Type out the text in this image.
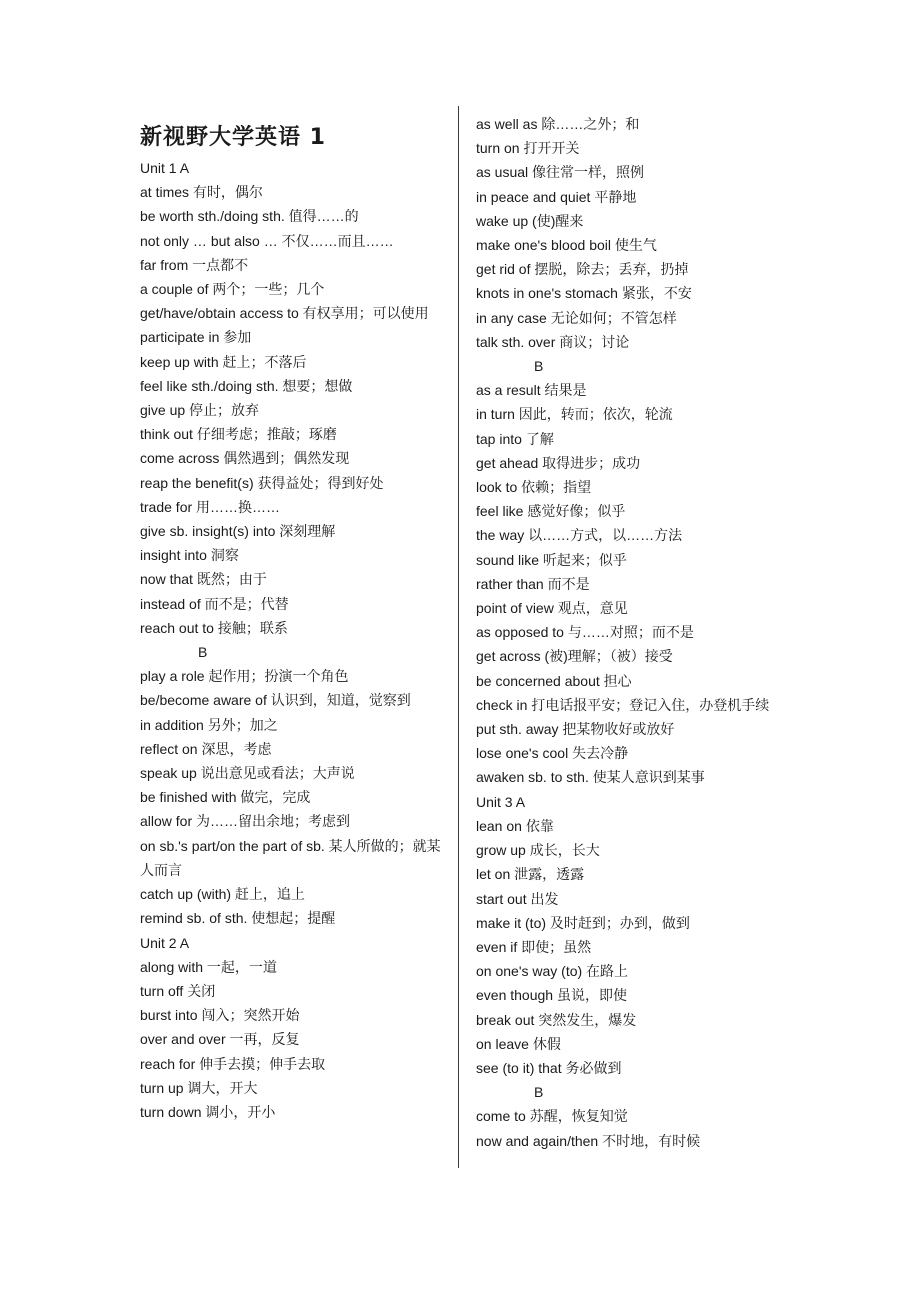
新视野大学英语 1
Unit 1 A
at times 有时，偶尔
be worth sth./doing sth. 值得……的
not only … but also … 不仅……而且……
far from 一点都不
a couple of 两个；一些；几个
get/have/obtain access to 有权享用；可以使用
participate in 参加
keep up with 赶上；不落后
feel like sth./doing sth. 想要；想做
give up 停止；放弃
think out 仔细考虑；推敲；琢磨
come across 偶然遇到；偶然发现
reap the benefit(s) 获得益处；得到好处
trade for 用……换……
give sb. insight(s) into 深刻理解
insight into 洞察
now that 既然；由于
instead of 而不是；代替
reach out to 接触；联系
B
play a role 起作用；扮演一个角色
be/become aware of 认识到，知道，觉察到
in addition 另外；加之
reflect on 深思，考虑
speak up 说出意见或看法；大声说
be finished with 做完，完成
allow for 为……留出余地；考虑到
on sb.'s part/on the part of sb. 某人所做的；就某人而言
catch up (with) 赶上，追上
remind sb. of sth. 使想起；提醒
Unit 2 A
along with 一起，一道
turn off 关闭
burst into 闯入；突然开始
over and over 一再，反复
reach for 伸手去摸；伸手去取
turn up 调大，开大
turn down 调小，开小
as well as 除……之外；和
turn on 打开开关
as usual 像往常一样，照例
in peace and quiet 平静地
wake up (使)醒来
make one's blood boil 使生气
get rid of 摆脱，除去；丢弃，扔掉
knots in one's stomach 紧张，不安
in any case 无论如何；不管怎样
talk sth. over 商议；讨论
B
as a result 结果是
in turn 因此，转而；依次，轮流
tap into 了解
get ahead 取得进步；成功
look to 依赖；指望
feel like 感觉好像；似乎
the way 以……方式，以……方法
sound like 听起来；似乎
rather than 而不是
point of view 观点，意见
as opposed to 与……对照；而不是
get across (被)理解；（被）接受
be concerned about 担心
check in 打电话报平安；登记入住，办登机手续
put sth. away 把某物收好或放好
lose one's cool 失去冷静
awaken sb. to sth. 使某人意识到某事
Unit 3 A
lean on 依靠
grow up 成长，长大
let on 泄露，透露
start out 出发
make it (to) 及时赶到；办到，做到
even if 即使；虽然
on one's way (to) 在路上
even though 虽说，即使
break out 突然发生，爆发
on leave 休假
see (to it) that 务必做到
B
come to 苏醒，恢复知觉
now and again/then 不时地，有时候
